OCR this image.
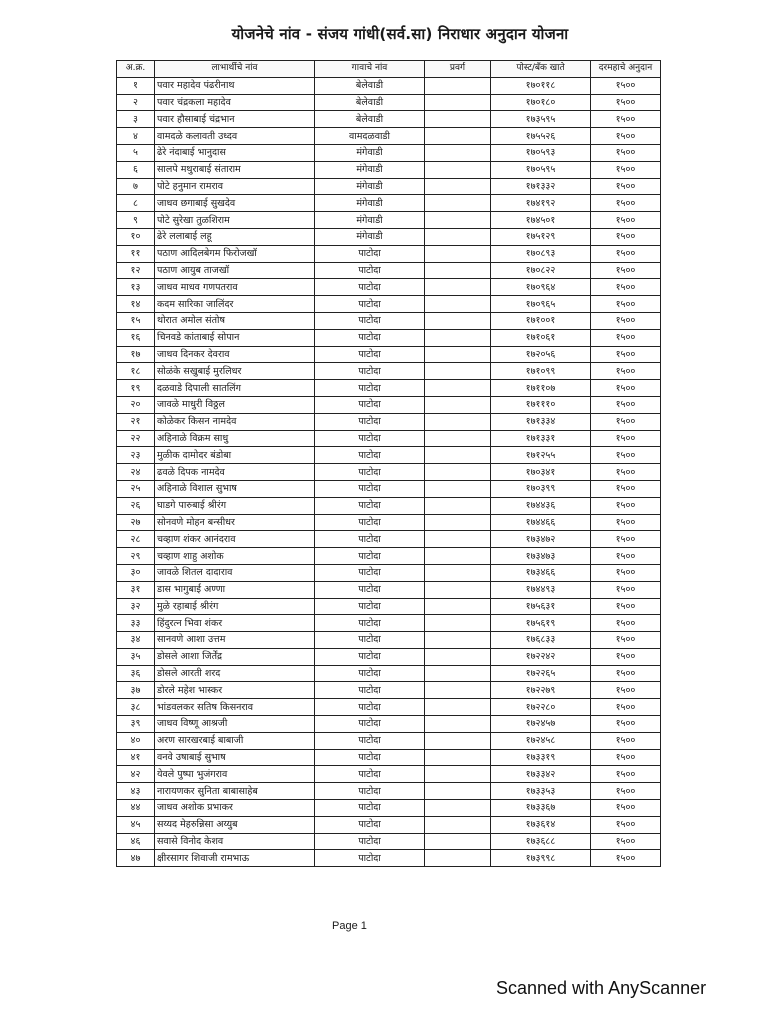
योजनेचे नांव - संजय गांधी(सर्व.सा) निराधार अनुदान योजना
अ.क्र.	लाभार्थीचे नांव	गावाचे नांव	प्रवर्ग	पोस्ट/बँक खाते	दरमहाचे अनुदान
१	पवार महादेव पंढरीनाथ	बेलेवाडी		१७०११८	१५००
२	पवार चंद्रकला महादेव	बेलेवाडी		१७०१८०	१५००
३	पवार हौसाबाई चंद्रभान	बेलेवाडी		१७३५९५	१५००
४	वामदळे कलावती उध्दव	वामदळवाडी		१७५५२६	१५००
५	ढेरे नंदाबाई भानुदास	मंगेवाडी		१७०५९३	१५००
६	सालपे मथुराबाई संताराम	मंगेवाडी		१७०५९५	१५००
७	पोटे हनुमान रामराव	मंगेवाडी		१७१३३२	१५००
८	जाधव छगाबाई सुखदेव	मंगेवाडी		१७४१९२	१५००
९	पोटे सुरेखा तुळशिराम	मंगेवाडी		१७४५०१	१५००
१०	ढेरे ललाबाई लहू	मंगेवाडी		१७५१२९	१५००
११	पठाण आदिलबेगम फिरोजखॉ	पाटोदा		१७०८९३	१५००
१२	पठाण आयुब ताजखॉ	पाटोदा		१७०८२२	१५००
१३	जाधव माधव गणपतराव	पाटोदा		१७०९६४	१५००
१४	कदम सारिका जालिंदर	पाटोदा		१७०९६५	१५००
१५	थोरात अमोल संतोष	पाटोदा		१७१००१	१५००
१६	चिनवडे कांताबाई सोपान	पाटोदा		१७१०६१	१५००
१७	जाधव दिनकर देवराव	पाटोदा		१७२०५६	१५००
१८	सोळंके सखुबाई मुरलिधर	पाटोदा		१७१०९९	१५००
१९	दळवाडे दिपाली सातलिंग	पाटोदा		१७११०७	१५००
२०	जावळे माधुरी विठ्ठल	पाटोदा		१७१११०	१५००
२१	कोळेकर किसन नामदेव	पाटोदा		१७१३३४	१५००
२२	अहिनाळे विक्रम साधु	पाटोदा		१७१३३१	१५००
२३	मुळीक दामोदर बंडोबा	पाटोदा		१७१२५५	१५००
२४	ढवळे दिपक नामदेव	पाटोदा		१७०३४१	१५००
२५	अहिनाळे विशाल सुभाष	पाटोदा		१७०३९९	१५००
२६	घाडगे पारुबाई श्रीरंग	पाटोदा		१७४४३६	१५००
२७	सोनवणे मोहन बन्सीधर	पाटोदा		१७४४६६	१५००
२८	चव्हाण शंकर आनंदराव	पाटोदा		१७३४७२	१५००
२९	चव्हाण शाहु अशोक	पाटोदा		१७३४७३	१५००
३०	जावळे शितल दादाराव	पाटोदा		१७३४६६	१५००
३१	डास भागुबाई अण्णा	पाटोदा		१७४४९३	१५००
३२	मुळे रहाबाई श्रीरंग	पाटोदा		१७५६३१	१५००
३३	हिंदुरत्न भिवा शंकर	पाटोदा		१७५६१९	१५००
३४	सानवणे आशा उत्तम	पाटोदा		१७६८३३	१५००
३५	डोसले आशा जिर्तेंद्र	पाटोदा		१७२२४२	१५००
३६	डोसले आरती शरद	पाटोदा		१७२२६५	१५००
३७	डोरले महेश भास्कर	पाटोदा		१७२२७९	१५००
३८	भांडवलकर सतिष किसनराव	पाटोदा		१७२२८०	१५००
३९	जाधव विष्णू आश्रजी	पाटोदा		१७२४५७	१५००
४०	अरण सारखरबाई बाबाजी	पाटोदा		१७२४५८	१५००
४१	वनवे उषाबाई सुभाष	पाटोदा		१७३३१९	१५००
४२	येवले पुष्पा भुजंगराव	पाटोदा		१७३३४२	१५००
४३	नारायणकर सुनिता बाबासाहेब	पाटोदा		१७३३५३	१५००
४४	जाधव अशोक प्रभाकर	पाटोदा		१७३३६७	१५००
४५	सय्यद मेहरुन्निसा अय्युब	पाटोदा		१७३६१४	१५००
४६	सवासे विनोद केशव	पाटोदा		१७३६८८	१५००
४७	क्षीरसागर शिवाजी रामभाऊ	पाटोदा		१७३९९८	१५००
Page 1
Scanned with AnyScanner
